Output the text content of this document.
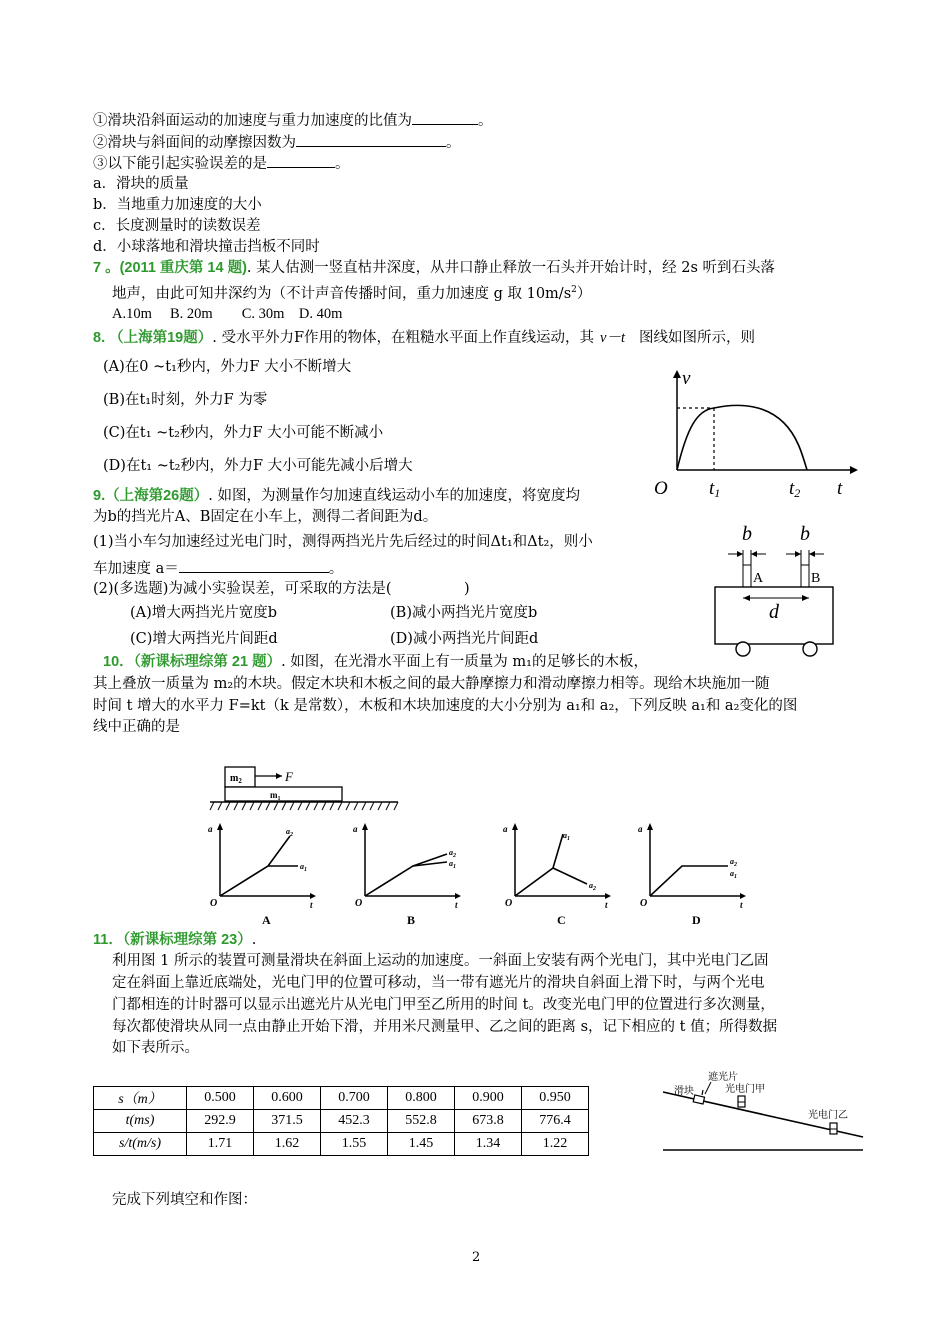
①滑块沿斜面运动的加速度与重力加速度的比值为	。
②滑块与斜面间的动摩擦因数为	。
③以下能引起实验误差的是	。
a．滑块的质量
b．当地重力加速度的大小
c．长度测量时的读数误差
d．小球落地和滑块撞击挡板不同时
7 。(2011 重庆第 14 题). 某人估测一竖直枯井深度，从井口静止释放一石头并开始计时，经 2s 听到石头落
地声，由此可知井深约为（不计声音传播时间，重力加速度 g 取 $10m/s^2$）
A.10m　 B. 20m　　C. 30m　D. 40m
8. （上海第19题）. 受水平外力F作用的物体，在粗糙水平面上作直线运动，其 v－t 图线如图所示，则
(A)在0 ~t₁秒内，外力F 大小不断增大
(B)在t₁时刻，外力F 为零
(C)在t₁ ~t₂秒内，外力F 大小可能不断减小
(D)在t₁ ~t₂秒内，外力F 大小可能先减小后增大
v
O t1	t2 t
9.（上海第26题）. 如图，为测量作匀加速直线运动小车的加速度，将宽度均
为b的挡光片A、B固定在小车上，测得二者间距为d。
(1)当小车匀加速经过光电门时，测得两挡光片先后经过的时间Δt₁和Δt₂，则小
车加速度 a＝	。
(2)(多选题)为减小实验误差，可采取的方法是(　　　　　)
(A)增大两挡光片宽度b	(B)减小两挡光片宽度b
(C)增大两挡光片间距d	(D)减小两挡光片间距d
b b
A	B
d
10．（新课标理综第 21 题）. 如图，在光滑水平面上有一质量为 m₁的足够长的木板，
其上叠放一质量为 m₂的木块。假定木块和木板之间的最大静摩擦力和滑动摩擦力相等。现给木块施加一随
时间 t 增大的水平力 F=kt（k 是常数），木板和木块加速度的大小分别为 a₁和 a₂，下列反映 a₁和 a₂变化的图
线中正确的是
$m_2$	F
$m_1$
a
O	t
$a_2$
$a_1$
A
a
O	t
$a_2$
$a_1$
B
a
O	t
$a_1$
$a_2$
C
a
O	t
$a_2$
$a_1$
D
11．（新课标理综第 23）.
利用图 1 所示的装置可测量滑块在斜面上运动的加速度。一斜面上安装有两个光电门，其中光电门乙固
定在斜面上靠近底端处，光电门甲的位置可移动，当一带有遮光片的滑块自斜面上滑下时，与两个光电
门都相连的计时器可以显示出遮光片从光电门甲至乙所用的时间 t。改变光电门甲的位置进行多次测量，
每次都使滑块从同一点由静止开始下滑，并用米尺测量甲、乙之间的距离 s，记下相应的 t 值；所得数据
如下表所示。
s（m）	0.500	0.600	0.700	0.800	0.900	0.950
t(ms)	292.9	371.5	452.3	552.8	673.8	776.4
s/t(m/s)	1.71	1.62	1.55	1.45	1.34	1.22
遮光片
滑块	光电门甲
光电门乙
完成下列填空和作图：
2
